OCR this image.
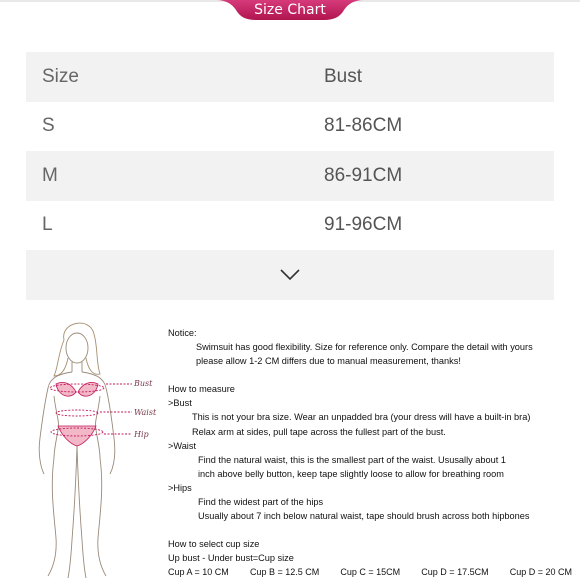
Size Chart
Size	Bust
S	81-86CM
M	86-91CM
L	91-96CM
Bust
Waist
Hip
Notice:
Swimsuit has good flexibility. Size for reference only. Compare the detail with yours
please allow 1-2 CM differs due to manual measurement, thanks!
How to measure
>Bust
This is not your bra size. Wear an unpadded bra (your dress will have a built-in bra)
Relax arm at sides, pull tape across the fullest part of the bust.
>Waist
Find the natural waist, this is the smallest part of the waist. Ususally about 1
inch above belly button, keep tape slightly loose to allow for breathing room
>Hips
Find the widest part of the hips
Usually about 7 inch below natural waist, tape should brush across both hipbones
How to select cup size
Up bust - Under bust=Cup size
Cup A = 10 CM Cup B = 12.5 CM Cup C = 15CM Cup D = 17.5CM Cup D = 20 CM
